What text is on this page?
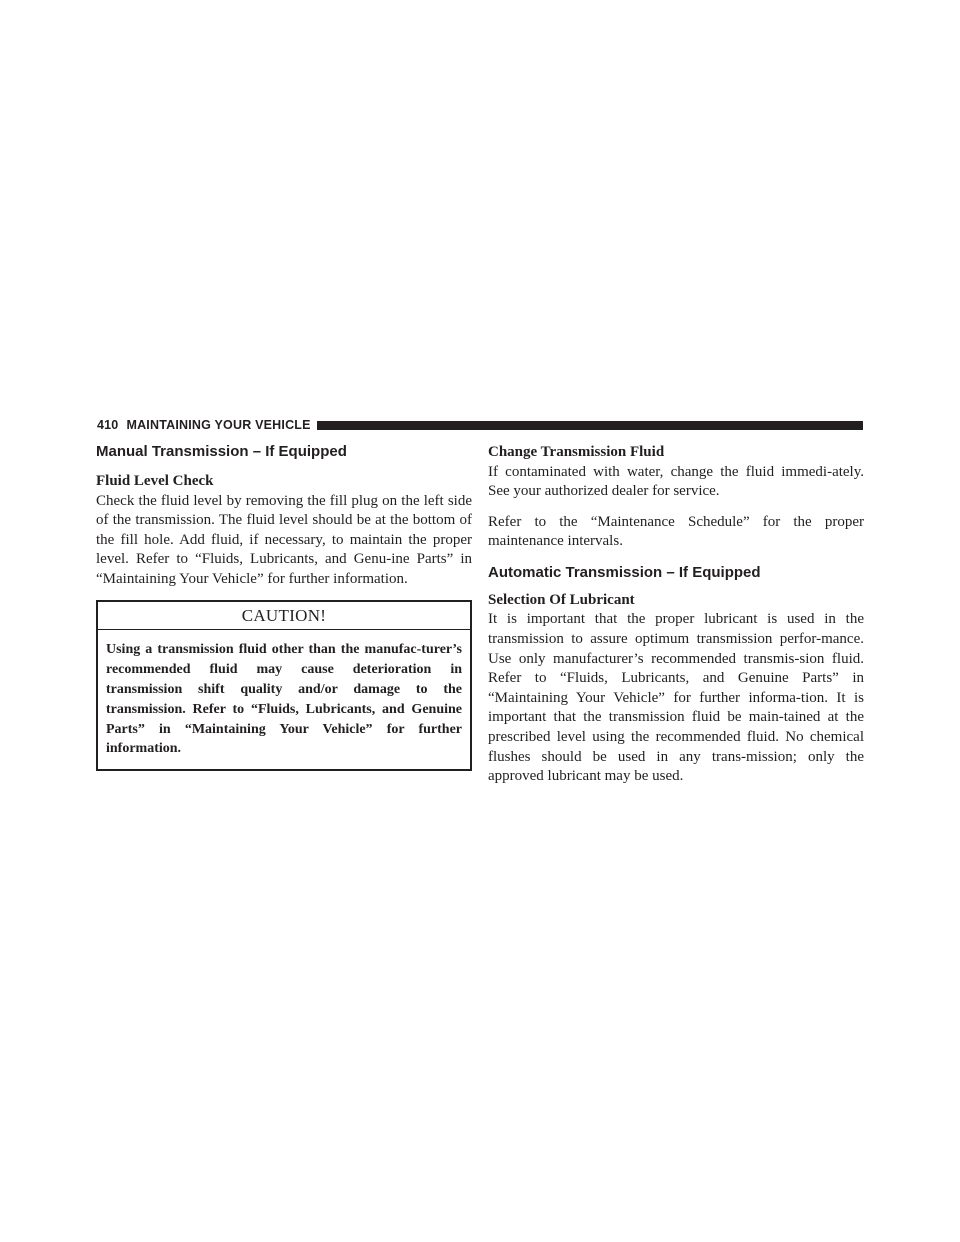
410 MAINTAINING YOUR VEHICLE
Manual Transmission – If Equipped
Fluid Level Check
Check the fluid level by removing the fill plug on the left side of the transmission. The fluid level should be at the bottom of the fill hole. Add fluid, if necessary, to maintain the proper level. Refer to “Fluids, Lubricants, and Genu-ine Parts” in “Maintaining Your Vehicle” for further information.
CAUTION!
Using a transmission fluid other than the manufac-turer’s recommended fluid may cause deterioration in transmission shift quality and/or damage to the transmission. Refer to “Fluids, Lubricants, and Genuine Parts” in “Maintaining Your Vehicle” for further information.
Change Transmission Fluid
If contaminated with water, change the fluid immedi-ately. See your authorized dealer for service.
Refer to the “Maintenance Schedule” for the proper maintenance intervals.
Automatic Transmission – If Equipped
Selection Of Lubricant
It is important that the proper lubricant is used in the transmission to assure optimum transmission perfor-mance. Use only manufacturer’s recommended transmis-sion fluid. Refer to “Fluids, Lubricants, and Genuine Parts” in “Maintaining Your Vehicle” for further informa-tion. It is important that the transmission fluid be main-tained at the prescribed level using the recommended fluid. No chemical flushes should be used in any trans-mission; only the approved lubricant may be used.
